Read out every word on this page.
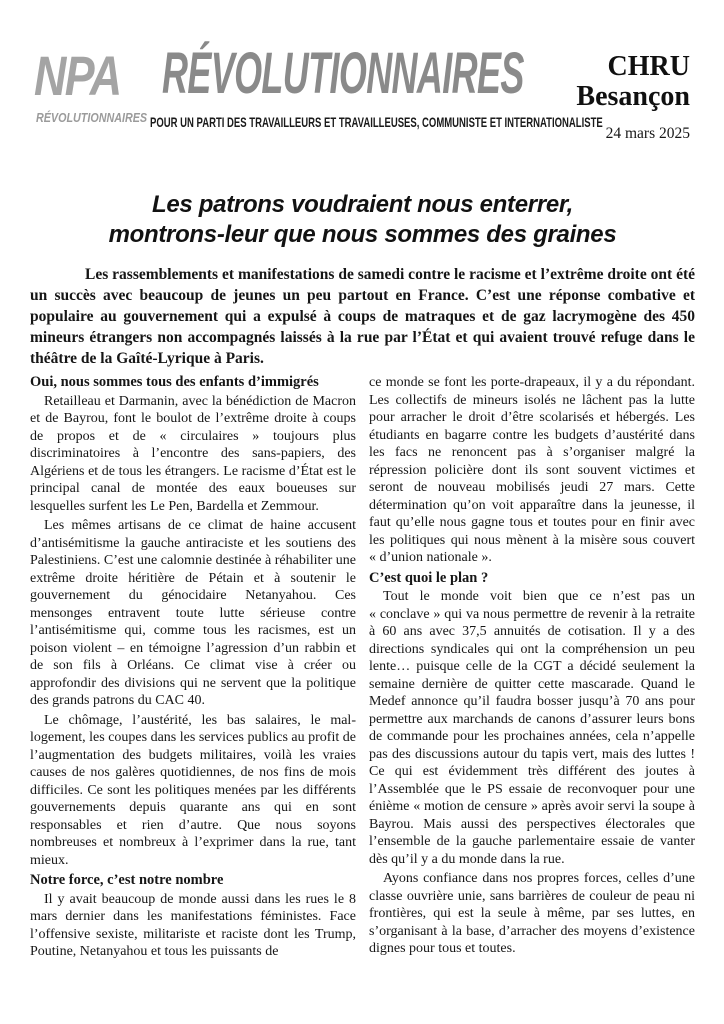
NPA
RÉVOLUTIONNAIRES
RÉVOLUTIONNAIRES
POUR UN PARTI DES TRAVAILLEURS ET TRAVAILLEUSES, COMMUNISTE ET INTERNATIONALISTE
CHRU
Besançon
24 mars 2025
Les patrons voudraient nous enterrer,
montrons-leur que nous sommes des graines

Les rassemblements et manifestations de samedi contre le racisme et l’extrême droite ont été un succès avec beaucoup de jeunes un peu partout en France. C’est une réponse combative et populaire au gouvernement qui a expulsé à coups de matraques et de gaz lacrymogène des 450 mineurs étrangers non accompagnés laissés à la rue par l’État et qui avaient trouvé refuge dans le théâtre de la Gaîté-Lyrique à Paris.

Oui, nous sommes tous des enfants d’immigrés

Retailleau et Darmanin, avec la bénédiction de Macron et de Bayrou, font le boulot de l’extrême droite à coups de propos et de « circulaires » toujours plus discriminatoires à l’encontre des sans-papiers, des Algériens et de tous les étrangers. Le racisme d’État est le principal canal de montée des eaux boueuses sur lesquelles surfent les Le Pen, Bardella et Zemmour.

Les mêmes artisans de ce climat de haine accusent d’antisémitisme la gauche antiraciste et les soutiens des Palestiniens. C’est une calomnie destinée à réhabiliter une extrême droite héritière de Pétain et à soutenir le gouvernement du génocidaire Netanyahou. Ces mensonges entravent toute lutte sérieuse contre l’antisémitisme qui, comme tous les racismes, est un poison violent – en témoigne l’agression d’un rabbin et de son fils à Orléans. Ce climat vise à créer ou approfondir des divisions qui ne servent que la politique des grands patrons du CAC 40.

Le chômage, l’austérité, les bas salaires, le mal-logement, les coupes dans les services publics au profit de l’augmentation des budgets militaires, voilà les vraies causes de nos galères quotidiennes, de nos fins de mois difficiles. Ce sont les politiques menées par les différents gouvernements depuis quarante ans qui en sont responsables et rien d’autre. Que nous soyons nombreuses et nombreux à l’exprimer dans la rue, tant mieux.

Notre force, c’est notre nombre

Il y avait beaucoup de monde aussi dans les rues le 8 mars dernier dans les manifestations féministes. Face l’offensive sexiste, militariste et raciste dont les Trump, Poutine, Netanyahou et tous les puissants de

ce monde se font les porte-drapeaux, il y a du répondant. Les collectifs de mineurs isolés ne lâchent pas la lutte pour arracher le droit d’être scolarisés et hébergés. Les étudiants en bagarre contre les budgets d’austérité dans les facs ne renoncent pas à s’organiser malgré la répression policière dont ils sont souvent victimes et seront de nouveau mobilisés jeudi 27 mars. Cette détermination qu’on voit apparaître dans la jeunesse, il faut qu’elle nous gagne tous et toutes pour en finir avec les politiques qui nous mènent à la misère sous couvert « d’union nationale ».

C’est quoi le plan ?

Tout le monde voit bien que ce n’est pas un « conclave » qui va nous permettre de revenir à la retraite à 60 ans avec 37,5 annuités de cotisation. Il y a des directions syndicales qui ont la compréhension un peu lente… puisque celle de la CGT a décidé seulement la semaine dernière de quitter cette mascarade. Quand le Medef annonce qu’il faudra bosser jusqu’à 70 ans pour permettre aux marchands de canons d’assurer leurs bons de commande pour les prochaines années, cela n’appelle pas des discussions autour du tapis vert, mais des luttes ! Ce qui est évidemment très différent des joutes à l’Assemblée que le PS essaie de reconvoquer pour une énième « motion de censure » après avoir servi la soupe à Bayrou. Mais aussi des perspectives électorales que l’ensemble de la gauche parlementaire essaie de vanter dès qu’il y a du monde dans la rue.

Ayons confiance dans nos propres forces, celles d’une classe ouvrière unie, sans barrières de couleur de peau ni frontières, qui est la seule à même, par ses luttes, en s’organisant à la base, d’arracher des moyens d’existence dignes pour tous et toutes.
